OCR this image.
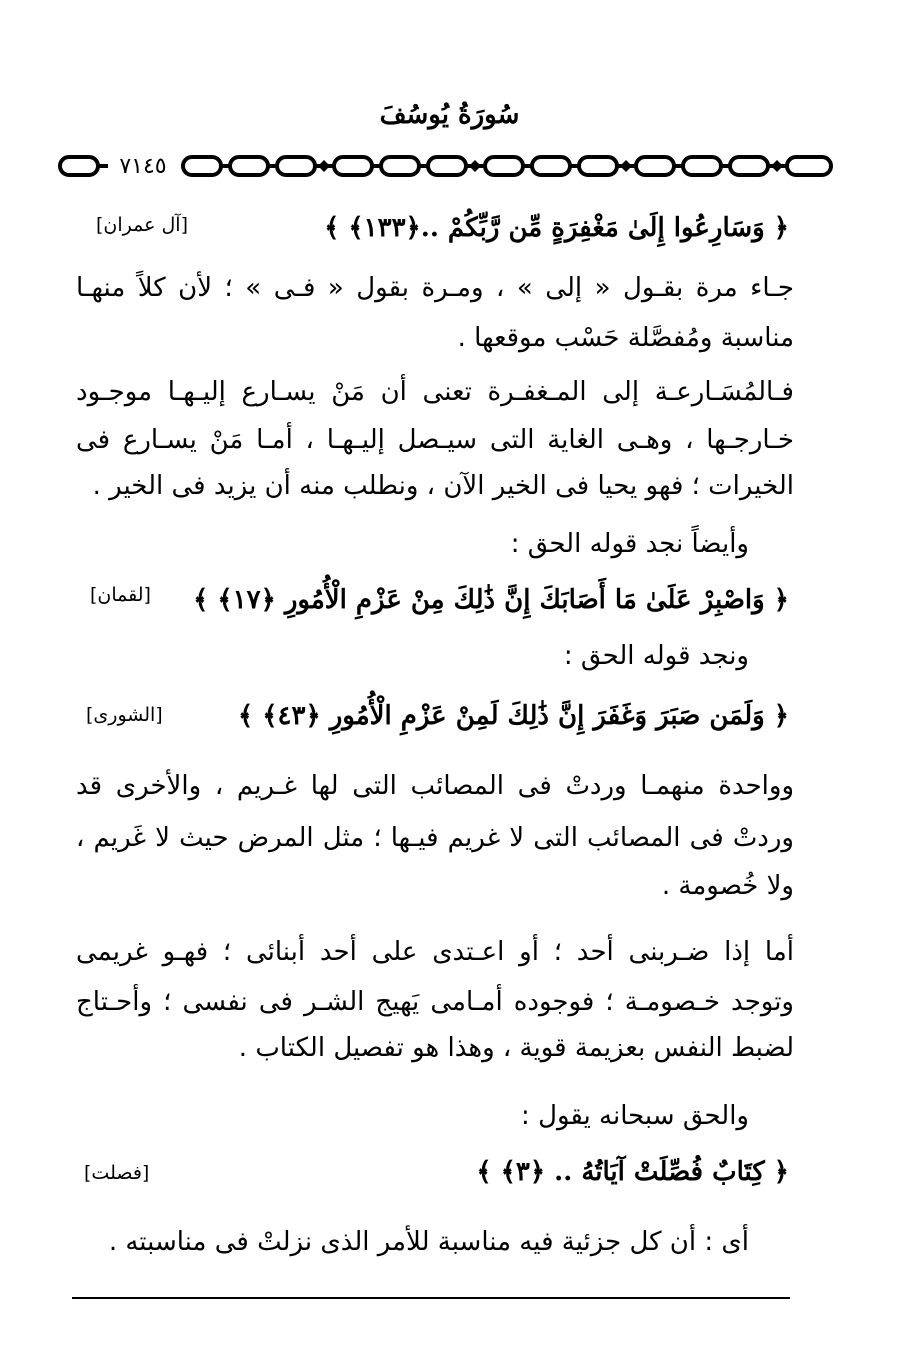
سُورَةُ يُوسُفَ
٧١٤٥
﴿ وَسَارِعُوا إِلَىٰ مَغْفِرَةٍ مِّن رَّبِّكُمْ ..﴿١٣٣﴾ ﴾
[آل عمران]
جـاء مرة بقـول « إلى » ، ومـرة بقول « فـى » ؛ لأن كلاً منهـا
مناسبة ومُفصَّلة حَسْب موقعها .
فـالمُسَـارعـة إلى المـغفـرة تعنى أن مَنْ يسـارع إليـهـا موجـود
خـارجـها ، وهـى الغاية التى سيـصل إليـهـا ، أمـا مَنْ يسـارع فى
الخيرات ؛ فهو يحيا فى الخير الآن ، ونطلب منه أن يزيد فى الخير .
وأيضاً نجد قوله الحق :
﴿ وَاصْبِرْ عَلَىٰ مَا أَصَابَكَ إِنَّ ذَٰلِكَ مِنْ عَزْمِ الْأُمُورِ ﴿١٧﴾ ﴾
[لقمان]
ونجد قوله الحق :
﴿ وَلَمَن صَبَرَ وَغَفَرَ إِنَّ ذَٰلِكَ لَمِنْ عَزْمِ الْأُمُورِ ﴿٤٣﴾ ﴾
[الشورى]
وواحدة منهمـا وردتْ فى المصائب التى لها غـريم ، والأخرى قد
وردتْ فى المصائب التى لا غريم فيـها ؛ مثل المرض حيث لا غَريم ،
ولا خُصومة .
أما إذا ضـربنى أحد ؛ أو اعـتدى على أحد أبنائى ؛ فهـو غريمى
وتوجد خـصومـة ؛ فوجوده أمـامى يَهيج الشـر فى نفسى ؛ وأحـتاج
لضبط النفس بعزيمة قوية ، وهذا هو تفصيل الكتاب .
والحق سبحانه يقول :
﴿ كِتَابٌ فُصِّلَتْ آيَاتُهُ .. ﴿٣﴾ ﴾
[فصلت]
أى : أن كل جزئية فيه مناسبة للأمر الذى نزلتْ فى مناسبته .
